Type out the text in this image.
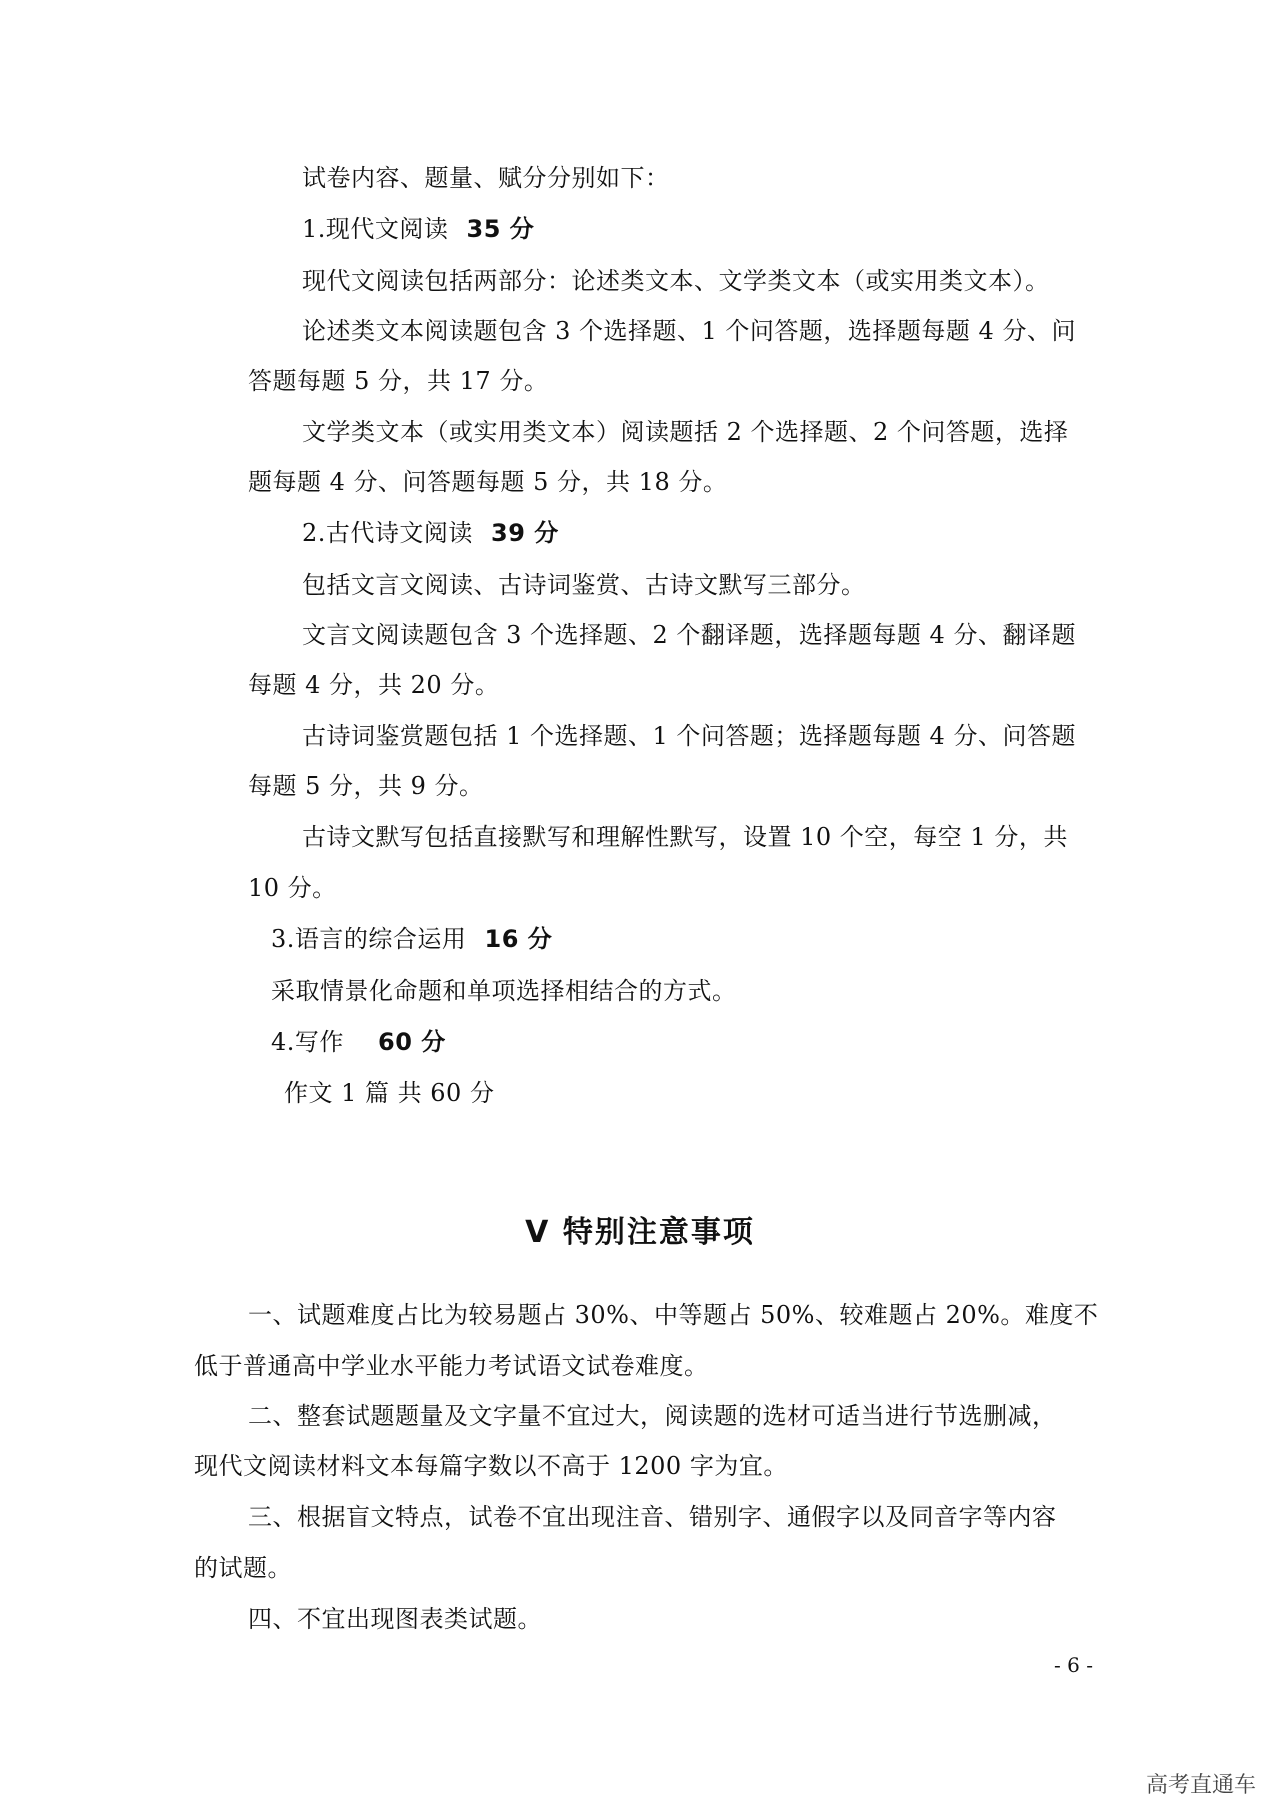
试卷内容、题量、赋分分别如下：
1.现代文阅读 35 分
现代文阅读包括两部分：论述类文本、文学类文本（或实用类文本）。
论述类文本阅读题包含 3 个选择题、1 个问答题，选择题每题 4 分、问
答题每题 5 分，共 17 分。
文学类文本（或实用类文本）阅读题括 2 个选择题、2 个问答题，选择
题每题 4 分、问答题每题 5 分，共 18 分。
2.古代诗文阅读 39 分
包括文言文阅读、古诗词鉴赏、古诗文默写三部分。
文言文阅读题包含 3 个选择题、2 个翻译题，选择题每题 4 分、翻译题
每题 4 分，共 20 分。
古诗词鉴赏题包括 1 个选择题、1 个问答题；选择题每题 4 分、问答题
每题 5 分，共 9 分。
古诗文默写包括直接默写和理解性默写，设置 10 个空，每空 1 分，共
10 分。
3.语言的综合运用 16 分
采取情景化命题和单项选择相结合的方式。
4.写作 60 分
作文 1 篇 共 60 分
Ⅴ 特别注意事项
一、试题难度占比为较易题占 30%、中等题占 50%、较难题占 20%。难度不
低于普通高中学业水平能力考试语文试卷难度。
二、整套试题题量及文字量不宜过大，阅读题的选材可适当进行节选删减，
现代文阅读材料文本每篇字数以不高于 1200 字为宜。
三、根据盲文特点，试卷不宜出现注音、错别字、通假字以及同音字等内容
的试题。
四、不宜出现图表类试题。
- 6 -
高考直通车
